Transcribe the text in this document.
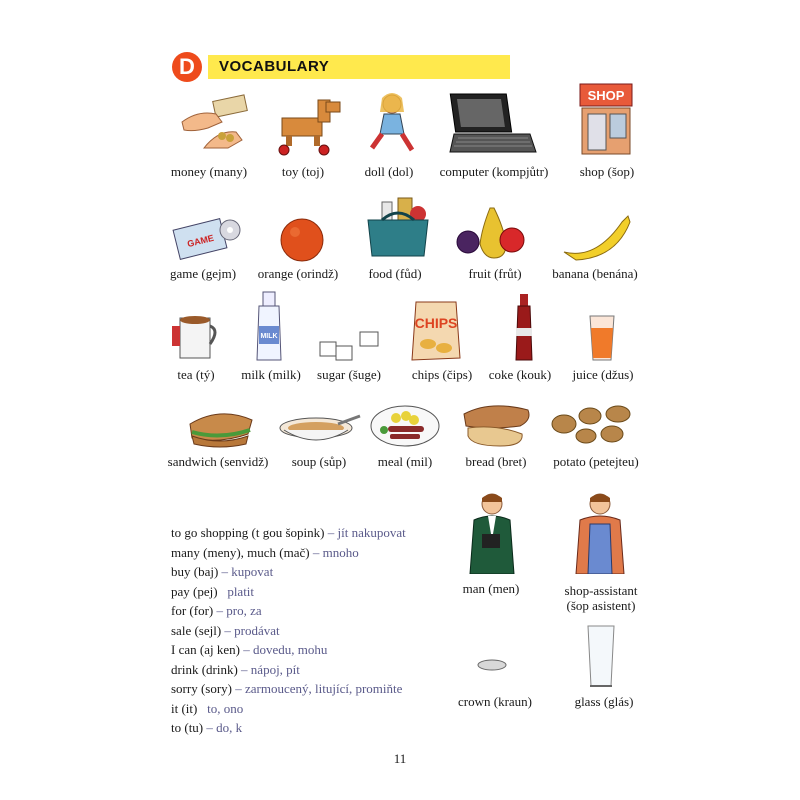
D	VOCABULARY
SHOP
money (many)	toy (toj)	doll (dol) computer (kompjůtr) shop (šop)
GAME
game (gejm) orange (orindž) food (fůd)	fruit (frůt) banana (benána)
MILK
CHIPS
tea (tý) milk (milk) sugar (šuge) chips (čips) coke (kouk) juice (džus)
sandwich (senvidž) soup (sůp) meal (mil)	bread (bret) potato (petejteu)
man (men)	shop-assistant
(šop asistent)
crown (kraun)	glass (glás)
to go shopping (t gou šopink) – jít nakupovat
many (meny), much (mač) – mnoho
buy (baj) – kupovat
pay (pej)   platit
for (for) – pro, za
sale (sejl) – prodávat
I can (aj ken) – dovedu, mohu
drink (drink) – nápoj, pít
sorry (sory) – zarmoucený, litující, promiňte
it (it)   to, ono
to (tu) – do, k
11
